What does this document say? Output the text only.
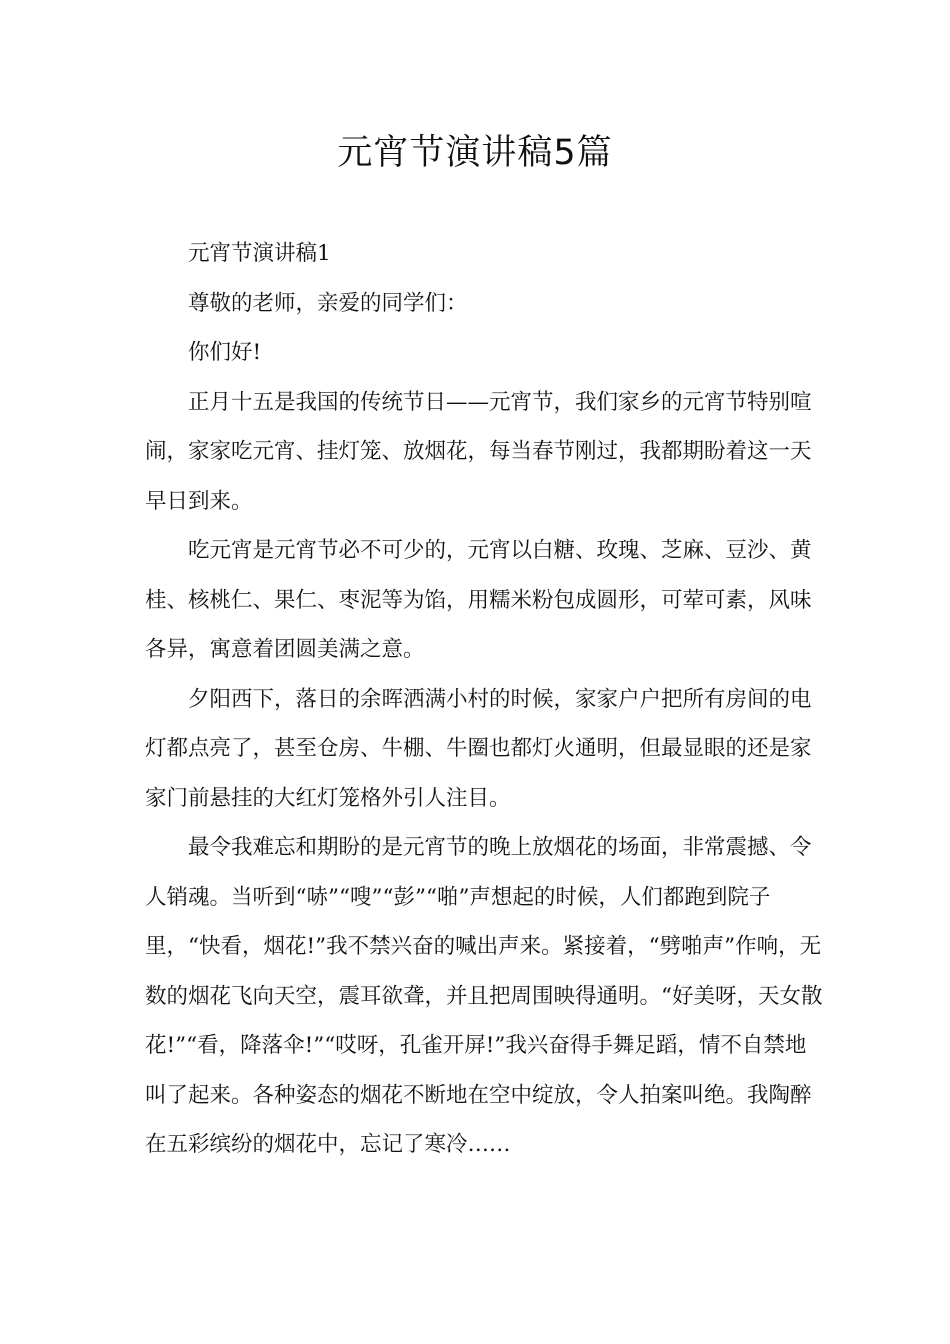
元宵节演讲稿5篇

元宵节演讲稿1

尊敬的老师，亲爱的同学们：

你们好!

正月十五是我国的传统节日——元宵节，我们家乡的元宵节特别喧闹，家家吃元宵、挂灯笼、放烟花，每当春节刚过，我都期盼着这一天早日到来。

吃元宵是元宵节必不可少的，元宵以白糖、玫瑰、芝麻、豆沙、黄桂、核桃仁、果仁、枣泥等为馅，用糯米粉包成圆形，可荤可素，风味各异，寓意着团圆美满之意。

夕阳西下，落日的余晖洒满小村的时候，家家户户把所有房间的电灯都点亮了，甚至仓房、牛棚、牛圈也都灯火通明，但最显眼的还是家家门前悬挂的大红灯笼格外引人注目。

最令我难忘和期盼的是元宵节的晚上放烟花的场面，非常震撼、令人销魂。当听到“哧”“嗖”“彭”“啪”声想起的时候，人们都跑到院子里，“快看，烟花!”我不禁兴奋的喊出声来。紧接着，“劈啪声”作响，无数的烟花飞向天空，震耳欲聋，并且把周围映得通明。“好美呀，天女散花!”“看，降落伞!”“哎呀，孔雀开屏!”我兴奋得手舞足蹈，情不自禁地叫了起来。各种姿态的烟花不断地在空中绽放，令人拍案叫绝。我陶醉在五彩缤纷的烟花中，忘记了寒冷……
